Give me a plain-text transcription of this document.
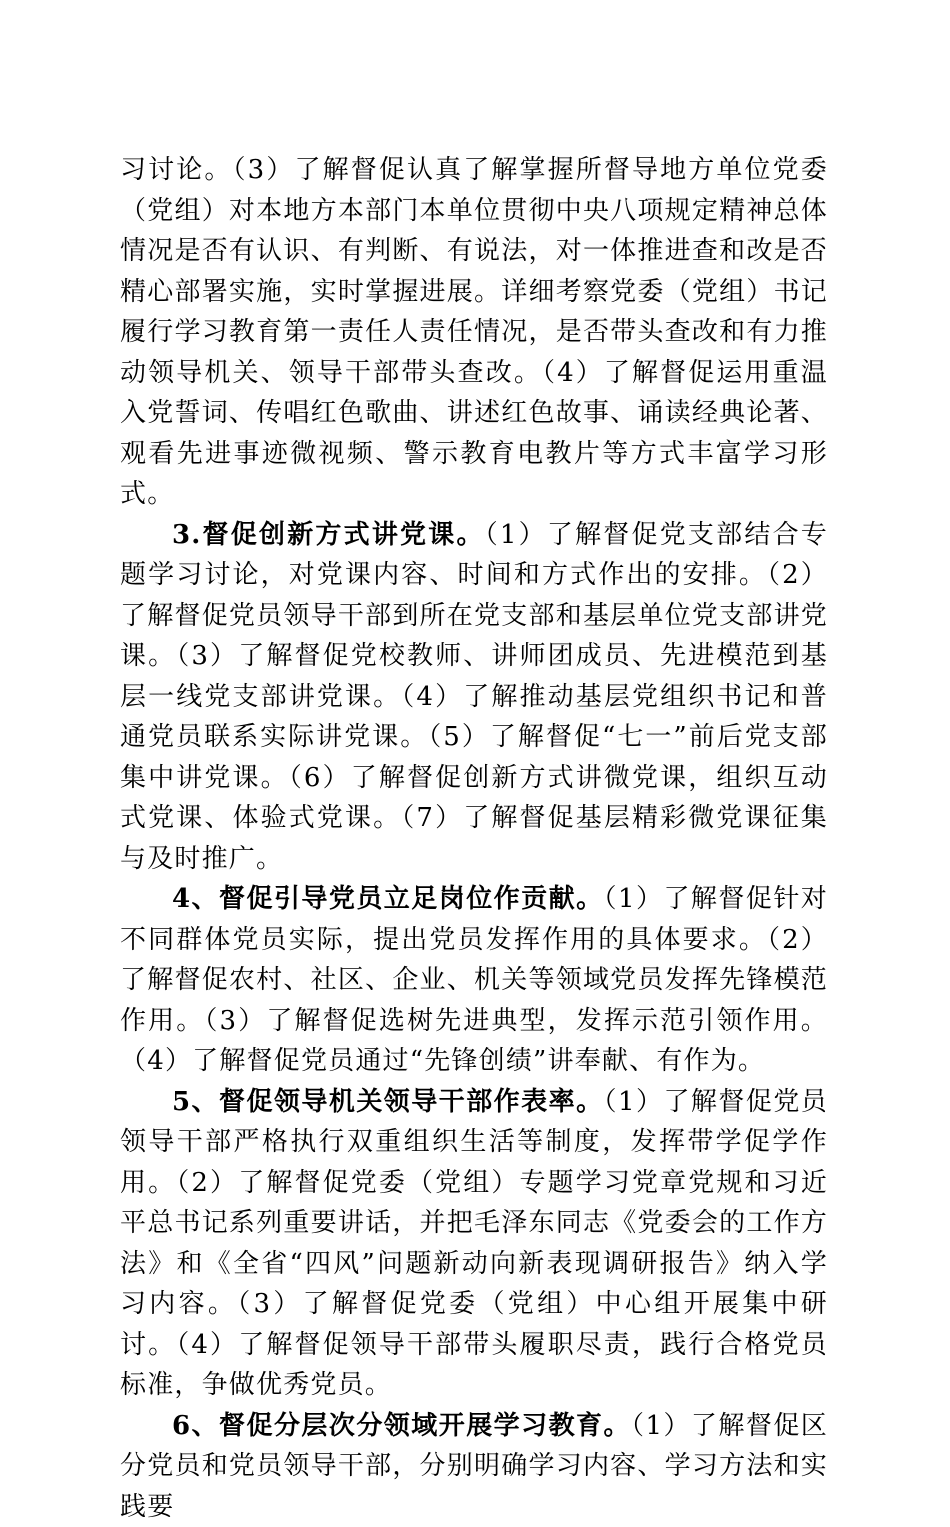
习讨论。（3）了解督促认真了解掌握所督导地方单位党委（党组）对本地方本部门本单位贯彻中央八项规定精神总体情况是否有认识、有判断、有说法，对一体推进查和改是否精心部署实施，实时掌握进展。详细考察党委（党组）书记履行学习教育第一责任人责任情况，是否带头查改和有力推动领导机关、领导干部带头查改。（4）了解督促运用重温入党誓词、传唱红色歌曲、讲述红色故事、诵读经典论著、观看先进事迹微视频、警示教育电教片等方式丰富学习形式。

3.督促创新方式讲党课。（1）了解督促党支部结合专题学习讨论，对党课内容、时间和方式作出的安排。（2）了解督促党员领导干部到所在党支部和基层单位党支部讲党课。（3）了解督促党校教师、讲师团成员、先进模范到基层一线党支部讲党课。（4）了解推动基层党组织书记和普通党员联系实际讲党课。（5）了解督促“七一”前后党支部集中讲党课。（6）了解督促创新方式讲微党课，组织互动式党课、体验式党课。（7）了解督促基层精彩微党课征集与及时推广。

4、督促引导党员立足岗位作贡献。（1）了解督促针对不同群体党员实际，提出党员发挥作用的具体要求。（2）了解督促农村、社区、企业、机关等领域党员发挥先锋模范作用。（3）了解督促选树先进典型，发挥示范引领作用。（4）了解督促党员通过“先锋创绩”讲奉献、有作为。

5、督促领导机关领导干部作表率。（1）了解督促党员领导干部严格执行双重组织生活等制度，发挥带学促学作用。（2）了解督促党委（党组）专题学习党章党规和习近平总书记系列重要讲话，并把毛泽东同志《党委会的工作方法》和《全省“四风”问题新动向新表现调研报告》纳入学习内容。（3）了解督促党委（党组）中心组开展集中研讨。（4）了解督促领导干部带头履职尽责，践行合格党员标准，争做优秀党员。

6、督促分层次分领域开展学习教育。（1）了解督促区分党员和党员领导干部，分别明确学习内容、学习方法和实践要
